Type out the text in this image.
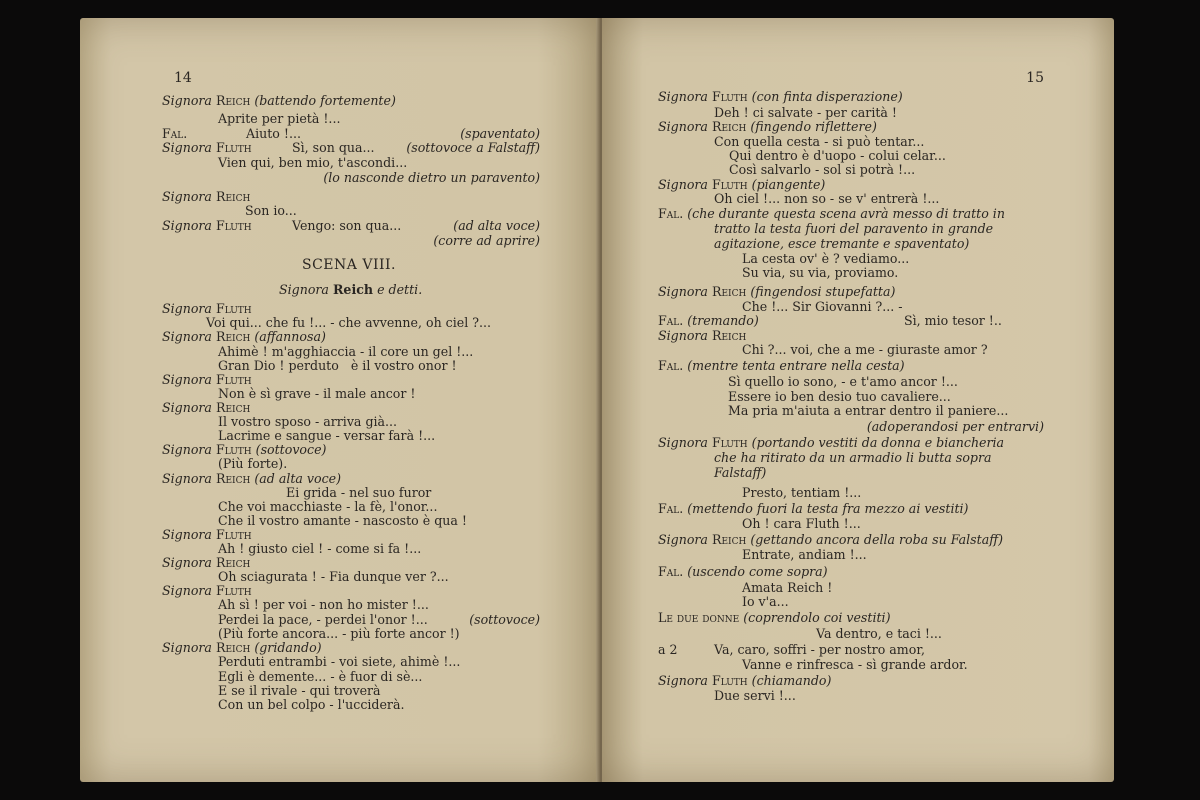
14
Signora Reich (battendo fortemente)
Aprite per pietà !...
Fal.	Aiuto !...	(spaventato)
Signora Fluth	Sì, son qua...	(sottovoce a Falstaff)
Vien qui, ben mio, t'ascondi...
(lo nasconde dietro un paravento)
Signora Reich
Son io...
Signora Fluth	Vengo: son qua...	(ad alta voce)
(corre ad aprire)
SCENA VIII.
Signora Reich e detti.
Signora Fluth
Voi qui... che fu !... - che avvenne, oh ciel ?...
Signora Reich (affannosa)
Ahimè ! m'agghiaccia - il core un gel !...
Gran Dio ! perduto   è il vostro onor !
Signora Fluth
Non è sì grave - il male ancor !
Signora Reich
Il vostro sposo - arriva già...
Lacrime e sangue - versar farà !...
Signora Fluth (sottovoce)
(Più forte).
Signora Reich (ad alta voce)
Ei grida - nel suo furor
Che voi macchiaste - la fè, l'onor...
Che il vostro amante - nascosto è qua !
Signora Fluth
Ah ! giusto ciel ! - come si fa !...
Signora Reich
Oh sciagurata ! - Fia dunque ver ?...
Signora Fluth
Ah sì ! per voi - non ho mister !...
Perdei la pace, - perdei l'onor !...	(sottovoce)
(Più forte ancora... - più forte ancor !)
Signora Reich (gridando)
Perduti entrambi - voi siete, ahimè !...
Egli è demente... - è fuor di sè...
E se il rivale - qui troverà
Con un bel colpo - l'ucciderà.
15
Signora Fluth (con finta disperazione)
Deh ! ci salvate - per carità !
Signora Reich (fingendo riflettere)
Con quella cesta - si può tentar...
Qui dentro è d'uopo - colui celar...
Così salvarlo - sol si potrà !...
Signora Fluth (piangente)
Oh ciel !... non so - se v' entrerà !...
Fal. (che durante questa scena avrà messo di tratto in
tratto la testa fuori del paravento in grande
agitazione, esce tremante e spaventato)
La cesta ov' è ? vediamo...
Su via, su via, proviamo.
Signora Reich (fingendosi stupefatta)
Che !... Sir Giovanni ?... -
Fal. (tremando)	Sì, mio tesor !..
Signora Reich
Chi ?... voi, che a me - giuraste amor ?
Fal. (mentre tenta entrare nella cesta)
Sì quello io sono, - e t'amo ancor !...
Essere io ben desio tuo cavaliere...
Ma pria m'aiuta a entrar dentro il paniere...
(adoperandosi per entrarvi)
Signora Fluth (portando vestiti da donna e biancheria
che ha ritirato da un armadio li butta sopra
Falstaff)
Presto, tentiam !...
Fal. (mettendo fuori la testa fra mezzo ai vestiti)
Oh ! cara Fluth !...
Signora Reich (gettando ancora della roba su Falstaff)
Entrate, andiam !...
Fal. (uscendo come sopra)
Amata Reich !
Io v'a...
Le due donne (coprendolo coi vestiti)
Va dentro, e taci !...
a 2	Va, caro, soffri - per nostro amor,
Vanne e rinfresca - sì grande ardor.
Signora Fluth (chiamando)
Due servi !...
